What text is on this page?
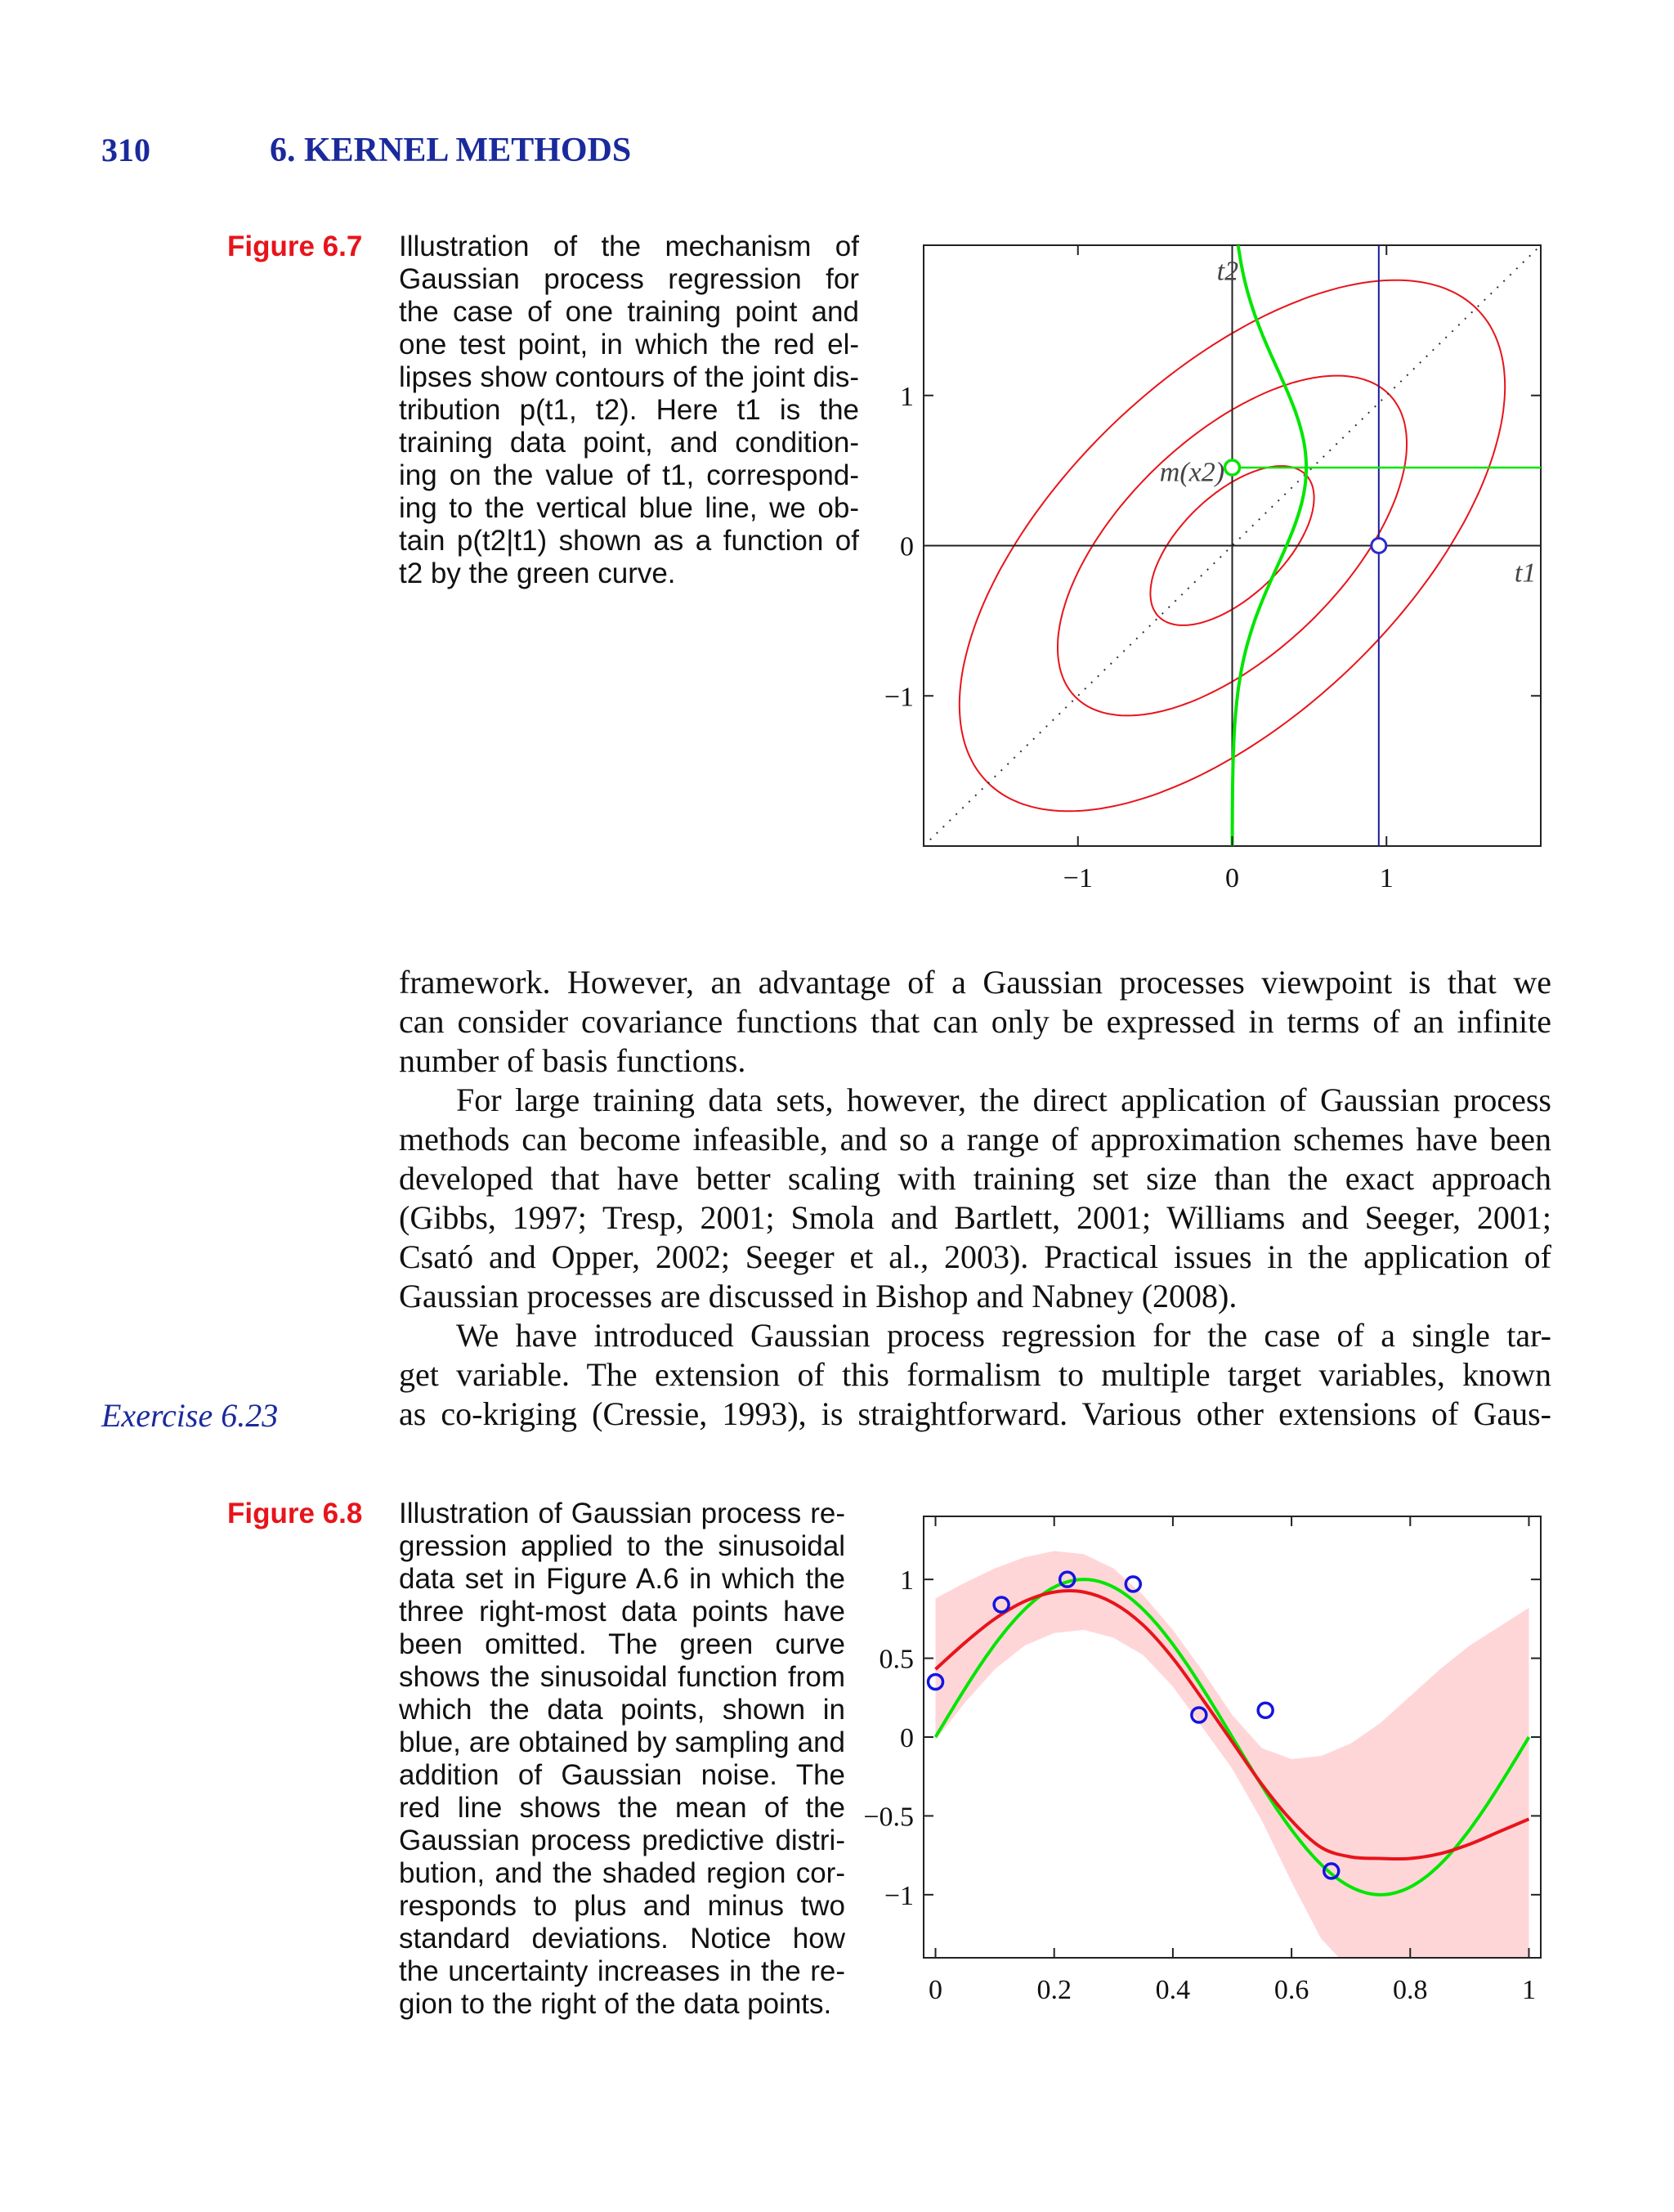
310	6. KERNEL METHODS
Figure 6.7 Illustration of the mechanism of
Gaussian process regression for
the case of one training point and
one test point, in which the red el-
lipses show contours of the joint dis-
tribution p(t1, t2). Here t1 is the
training data point, and condition-
ing on the value of t1, correspond-
ing to the vertical blue line, we ob-
tain p(t2|t1) shown as a function of
t2 by the green curve.
−1	0	1
1
0
−1
t1
t2
m(x2)
framework. However, an advantage of a Gaussian processes viewpoint is that we
can consider covariance functions that can only be expressed in terms of an infinite
number of basis functions.
For large training data sets, however, the direct application of Gaussian process
methods can become infeasible, and so a range of approximation schemes have been
developed that have better scaling with training set size than the exact approach
(Gibbs, 1997; Tresp, 2001; Smola and Bartlett, 2001; Williams and Seeger, 2001;
Csató and Opper, 2002; Seeger et al., 2003). Practical issues in the application of
Gaussian processes are discussed in Bishop and Nabney (2008).
We have introduced Gaussian process regression for the case of a single tar-
get variable. The extension of this formalism to multiple target variables, known
as co-kriging (Cressie, 1993), is straightforward. Various other extensions of Gaus-
Exercise 6.23
Figure 6.8 Illustration of Gaussian process re-
gression applied to the sinusoidal
data set in Figure A.6 in which the
three right-most data points have
been omitted. The green curve
shows the sinusoidal function from
which the data points, shown in
blue, are obtained by sampling and
addition of Gaussian noise. The
red line shows the mean of the
Gaussian process predictive distri-
bution, and the shaded region cor-
responds to plus and minus two
standard deviations. Notice how
the uncertainty increases in the re-
gion to the right of the data points.	0	0.2	0.4	0.6	0.8	1
1
0.5
0
−0.5
−1
